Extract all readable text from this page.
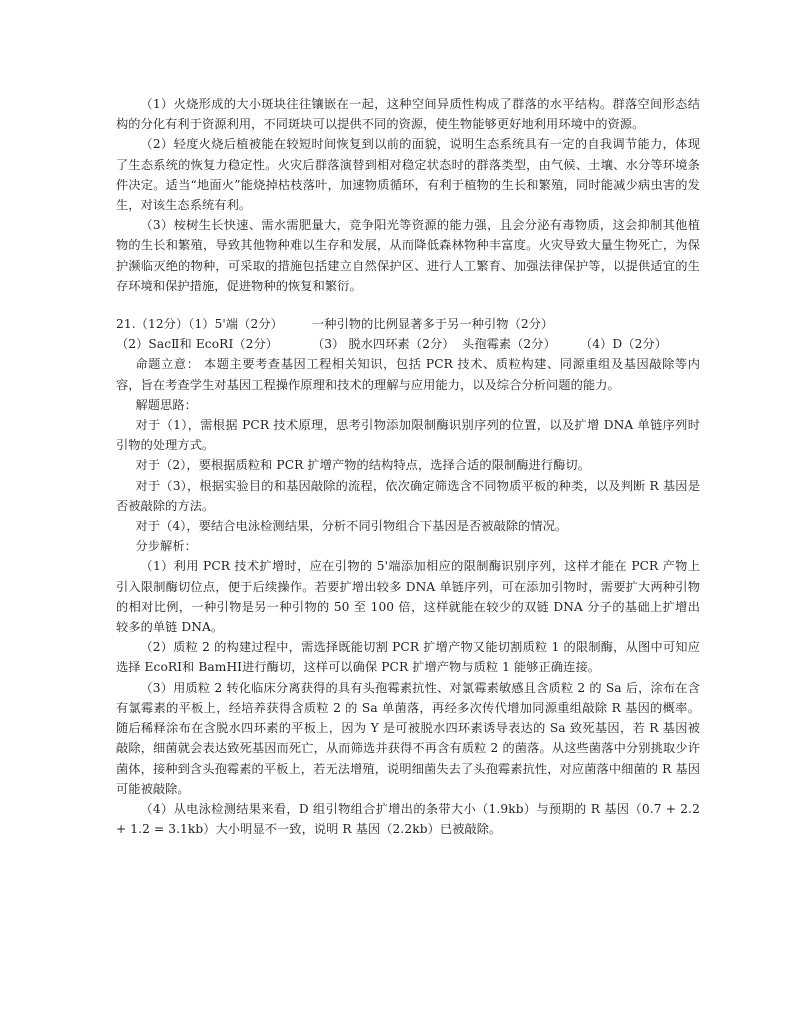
（1）火烧形成的大小斑块往往镶嵌在一起，这种空间异质性构成了群落的水平结构。群落空间形态结构的分化有利于资源利用，不同斑块可以提供不同的资源，使生物能够更好地利用环境中的资源。

（2）轻度火烧后植被能在较短时间恢复到以前的面貌，说明生态系统具有一定的自我调节能力，体现了生态系统的恢复力稳定性。火灾后群落演替到相对稳定状态时的群落类型，由气候、土壤、水分等环境条件决定。适当“地面火”能烧掉枯枝落叶，加速物质循环，有利于植物的生长和繁殖，同时能减少病虫害的发生，对该生态系统有利。

（3）桉树生长快速、需水需肥量大，竞争阳光等资源的能力强，且会分泌有毒物质，这会抑制其他植物的生长和繁殖，导致其他物种难以生存和发展，从而降低森林物种丰富度。火灾导致大量生物死亡，为保护濒临灭绝的物种，可采取的措施包括建立自然保护区、进行人工繁育、加强法律保护等，以提供适宜的生存环境和保护措施，促进物种的恢复和繁衍。

21.（12分）（1）5'端（2分）	一种引物的比例显著多于另一种引物（2分）
（2）SacⅡ和 EcoRⅠ（2分）	（3） 脱水四环素（2分） 头孢霉素（2分）	（4）D（2分）

命题立意： 本题主要考查基因工程相关知识，包括 PCR 技术、质粒构建、同源重组及基因敲除等内容，旨在考查学生对基因工程操作原理和技术的理解与应用能力，以及综合分析问题的能力。

解题思路：

对于（1），需根据 PCR 技术原理，思考引物添加限制酶识别序列的位置，以及扩增 DNA 单链序列时引物的处理方式。

对于（2），要根据质粒和 PCR 扩增产物的结构特点，选择合适的限制酶进行酶切。

对于（3），根据实验目的和基因敲除的流程，依次确定筛选含不同物质平板的种类，以及判断 R 基因是否被敲除的方法。

对于（4），要结合电泳检测结果，分析不同引物组合下基因是否被敲除的情况。

分步解析：

（1）利用 PCR 技术扩增时，应在引物的 5'端添加相应的限制酶识别序列，这样才能在 PCR 产物上引入限制酶切位点，便于后续操作。若要扩增出较多 DNA 单链序列，可在添加引物时，需要扩大两种引物的相对比例，一种引物是另一种引物的 50 至 100 倍，这样就能在较少的双链 DNA 分子的基础上扩增出较多的单链 DNA。

（2）质粒 2 的构建过程中，需选择既能切割 PCR 扩增产物又能切割质粒 1 的限制酶，从图中可知应选择 EcoRⅠ和 BamHⅠ进行酶切，这样可以确保 PCR 扩增产物与质粒 1 能够正确连接。

（3）用质粒 2 转化临床分离获得的具有头孢霉素抗性、对氯霉素敏感且含质粒 2 的 Sa 后，涂布在含有氯霉素的平板上，经培养获得含质粒 2 的 Sa 单菌落，再经多次传代增加同源重组敲除 R 基因的概率。随后稀释涂布在含脱水四环素的平板上，因为 Y 是可被脱水四环素诱导表达的 Sa 致死基因，若 R 基因被敲除，细菌就会表达致死基因而死亡，从而筛选并获得不再含有质粒 2 的菌落。从这些菌落中分别挑取少许菌体，接种到含头孢霉素的平板上，若无法增殖，说明细菌失去了头孢霉素抗性，对应菌落中细菌的 R 基因可能被敲除。

（4）从电泳检测结果来看，D 组引物组合扩增出的条带大小（1.9kb）与预期的 R 基因（0.7 + 2.2 + 1.2 = 3.1kb）大小明显不一致，说明 R 基因（2.2kb）已被敲除。
